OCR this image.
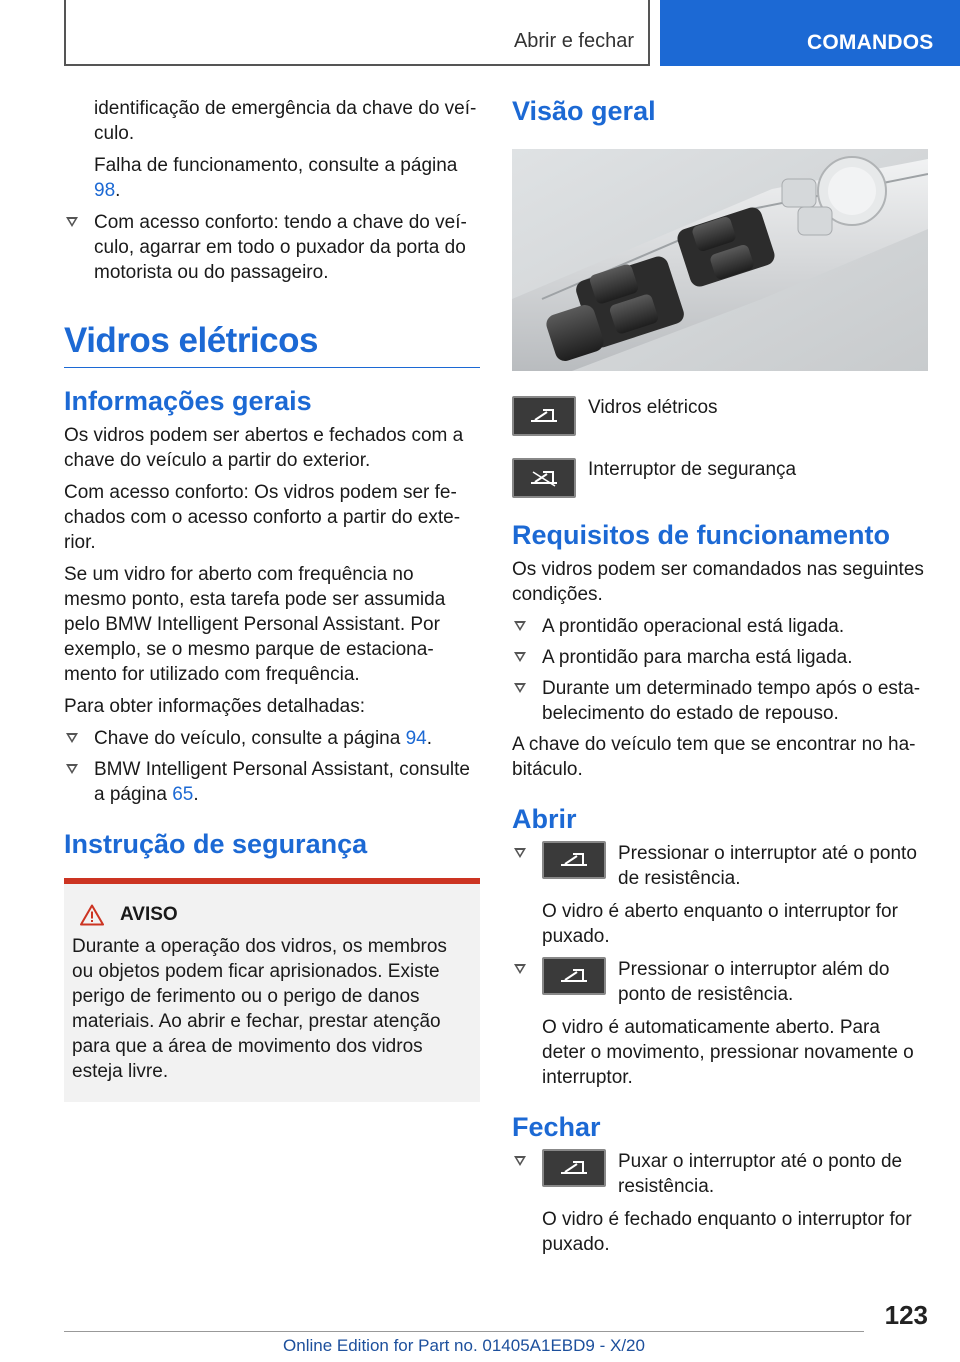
Abrir e fechar	COMANDOS

identificação de emergência da chave do veículo.

Falha de funcionamento, consulte a página
98.

Com acesso conforto: tendo a chave do veículo, agarrar em todo o puxador da porta do motorista ou do passageiro.
Vidros elétricos
Informações gerais

Os vidros podem ser abertos e fechados com a chave do veículo a partir do exterior.

Com acesso conforto: Os vidros podem ser fechados com o acesso conforto a partir do exterior.

Se um vidro for aberto com frequência no mesmo ponto, esta tarefa pode ser assumida pelo BMW Intelligent Personal Assistant. Por exemplo, se o mesmo parque de estacionamento for utilizado com frequência.

Para obter informações detalhadas:

Chave do veículo, consulte a página 94.
BMW Intelligent Personal Assistant, consulte a página 65.
Instrução de segurança
AVISO

Durante a operação dos vidros, os membros ou objetos podem ficar aprisionados. Existe perigo de ferimento ou o perigo de danos materiais. Ao abrir e fechar, prestar atenção para que a área de movimento dos vidros esteja livre.

Visão geral
Vidros elétricos
Interruptor de segurança
Requisitos de funcionamento

Os vidros podem ser comandados nas seguintes condições.

A prontidão operacional está ligada.
A prontidão para marcha está ligada.
Durante um determinado tempo após o estabelecimento do estado de repouso.

A chave do veículo tem que se encontrar no habitáculo.

Abrir
Pressionar o interruptor até o ponto de resistência.

O vidro é aberto enquanto o interruptor for puxado.

Pressionar o interruptor além do ponto de resistência.

O vidro é automaticamente aberto. Para deter o movimento, pressionar novamente o interruptor.

Fechar
Puxar o interruptor até o ponto de resistência.

O vidro é fechado enquanto o interruptor for puxado.

123
Online Edition for Part no. 01405A1EBD9 - X/20
